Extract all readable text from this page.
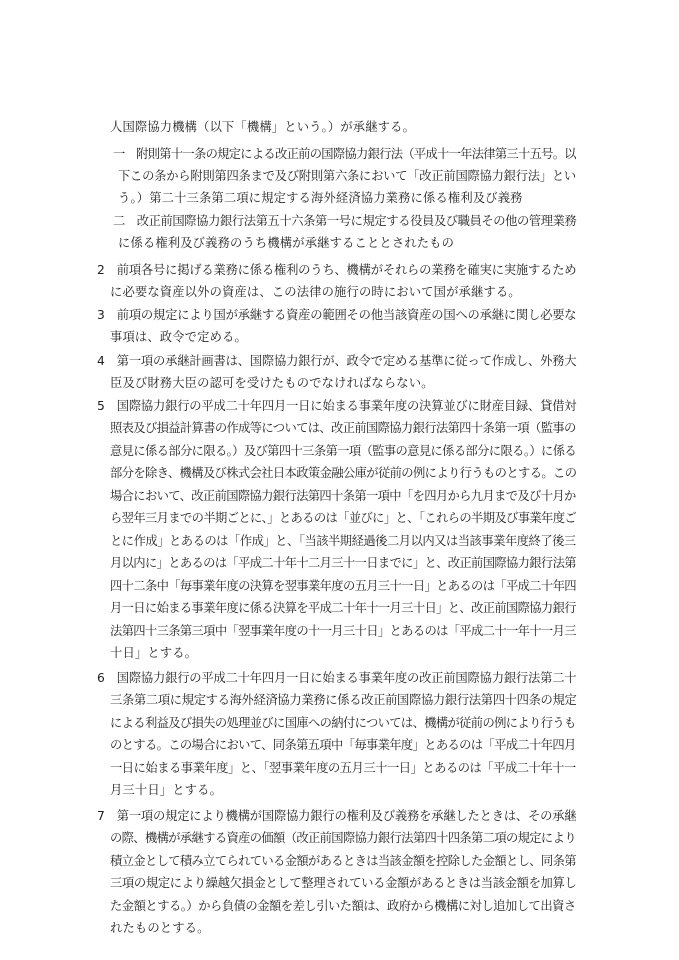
人国際協力機構（以下「機構」という。）が承継する。
一　附則第十一条の規定による改正前の国際協力銀行法（平成十一年法律第三十五号。以
下この条から附則第四条まで及び附則第六条において「改正前国際協力銀行法」とい
う。）第二十三条第二項に規定する海外経済協力業務に係る権利及び義務
二　改正前国際協力銀行法第五十六条第一号に規定する役員及び職員その他の管理業務
に係る権利及び義務のうち機構が承継することとされたもの
2　前項各号に掲げる業務に係る権利のうち、機構がそれらの業務を確実に実施するため
に必要な資産以外の資産は、この法律の施行の時において国が承継する。
3　前項の規定により国が承継する資産の範囲その他当該資産の国への承継に関し必要な
事項は、政令で定める。
4　第一項の承継計画書は、国際協力銀行が、政令で定める基準に従って作成し、外務大
臣及び財務大臣の認可を受けたものでなければならない。
5　国際協力銀行の平成二十年四月一日に始まる事業年度の決算並びに財産目録、貸借対
照表及び損益計算書の作成等については、改正前国際協力銀行法第四十条第一項（監事の
意見に係る部分に限る。）及び第四十三条第一項（監事の意見に係る部分に限る。）に係る
部分を除き、機構及び株式会社日本政策金融公庫が従前の例により行うものとする。この
場合において、改正前国際協力銀行法第四十条第一項中「を四月から九月まで及び十月か
ら翌年三月までの半期ごとに、」とあるのは「並びに」と、「これらの半期及び事業年度ご
とに作成」とあるのは「作成」と、「当該半期経過後二月以内又は当該事業年度終了後三
月以内に」とあるのは「平成二十年十二月三十一日までに」と、改正前国際協力銀行法第
四十二条中「毎事業年度の決算を翌事業年度の五月三十一日」とあるのは「平成二十年四
月一日に始まる事業年度に係る決算を平成二十年十一月三十日」と、改正前国際協力銀行
法第四十三条第三項中「翌事業年度の十一月三十日」とあるのは「平成二十一年十一月三
十日」とする。
6　国際協力銀行の平成二十年四月一日に始まる事業年度の改正前国際協力銀行法第二十
三条第二項に規定する海外経済協力業務に係る改正前国際協力銀行法第四十四条の規定
による利益及び損失の処理並びに国庫への納付については、機構が従前の例により行うも
のとする。この場合において、同条第五項中「毎事業年度」とあるのは「平成二十年四月
一日に始まる事業年度」と、「翌事業年度の五月三十一日」とあるのは「平成二十年十一
月三十日」とする。
7　第一項の規定により機構が国際協力銀行の権利及び義務を承継したときは、その承継
の際、機構が承継する資産の価額（改正前国際協力銀行法第四十四条第二項の規定により
積立金として積み立てられている金額があるときは当該金額を控除した金額とし、同条第
三項の規定により繰越欠損金として整理されている金額があるときは当該金額を加算し
た金額とする。）から負債の金額を差し引いた額は、政府から機構に対し追加して出資さ
れたものとする。
